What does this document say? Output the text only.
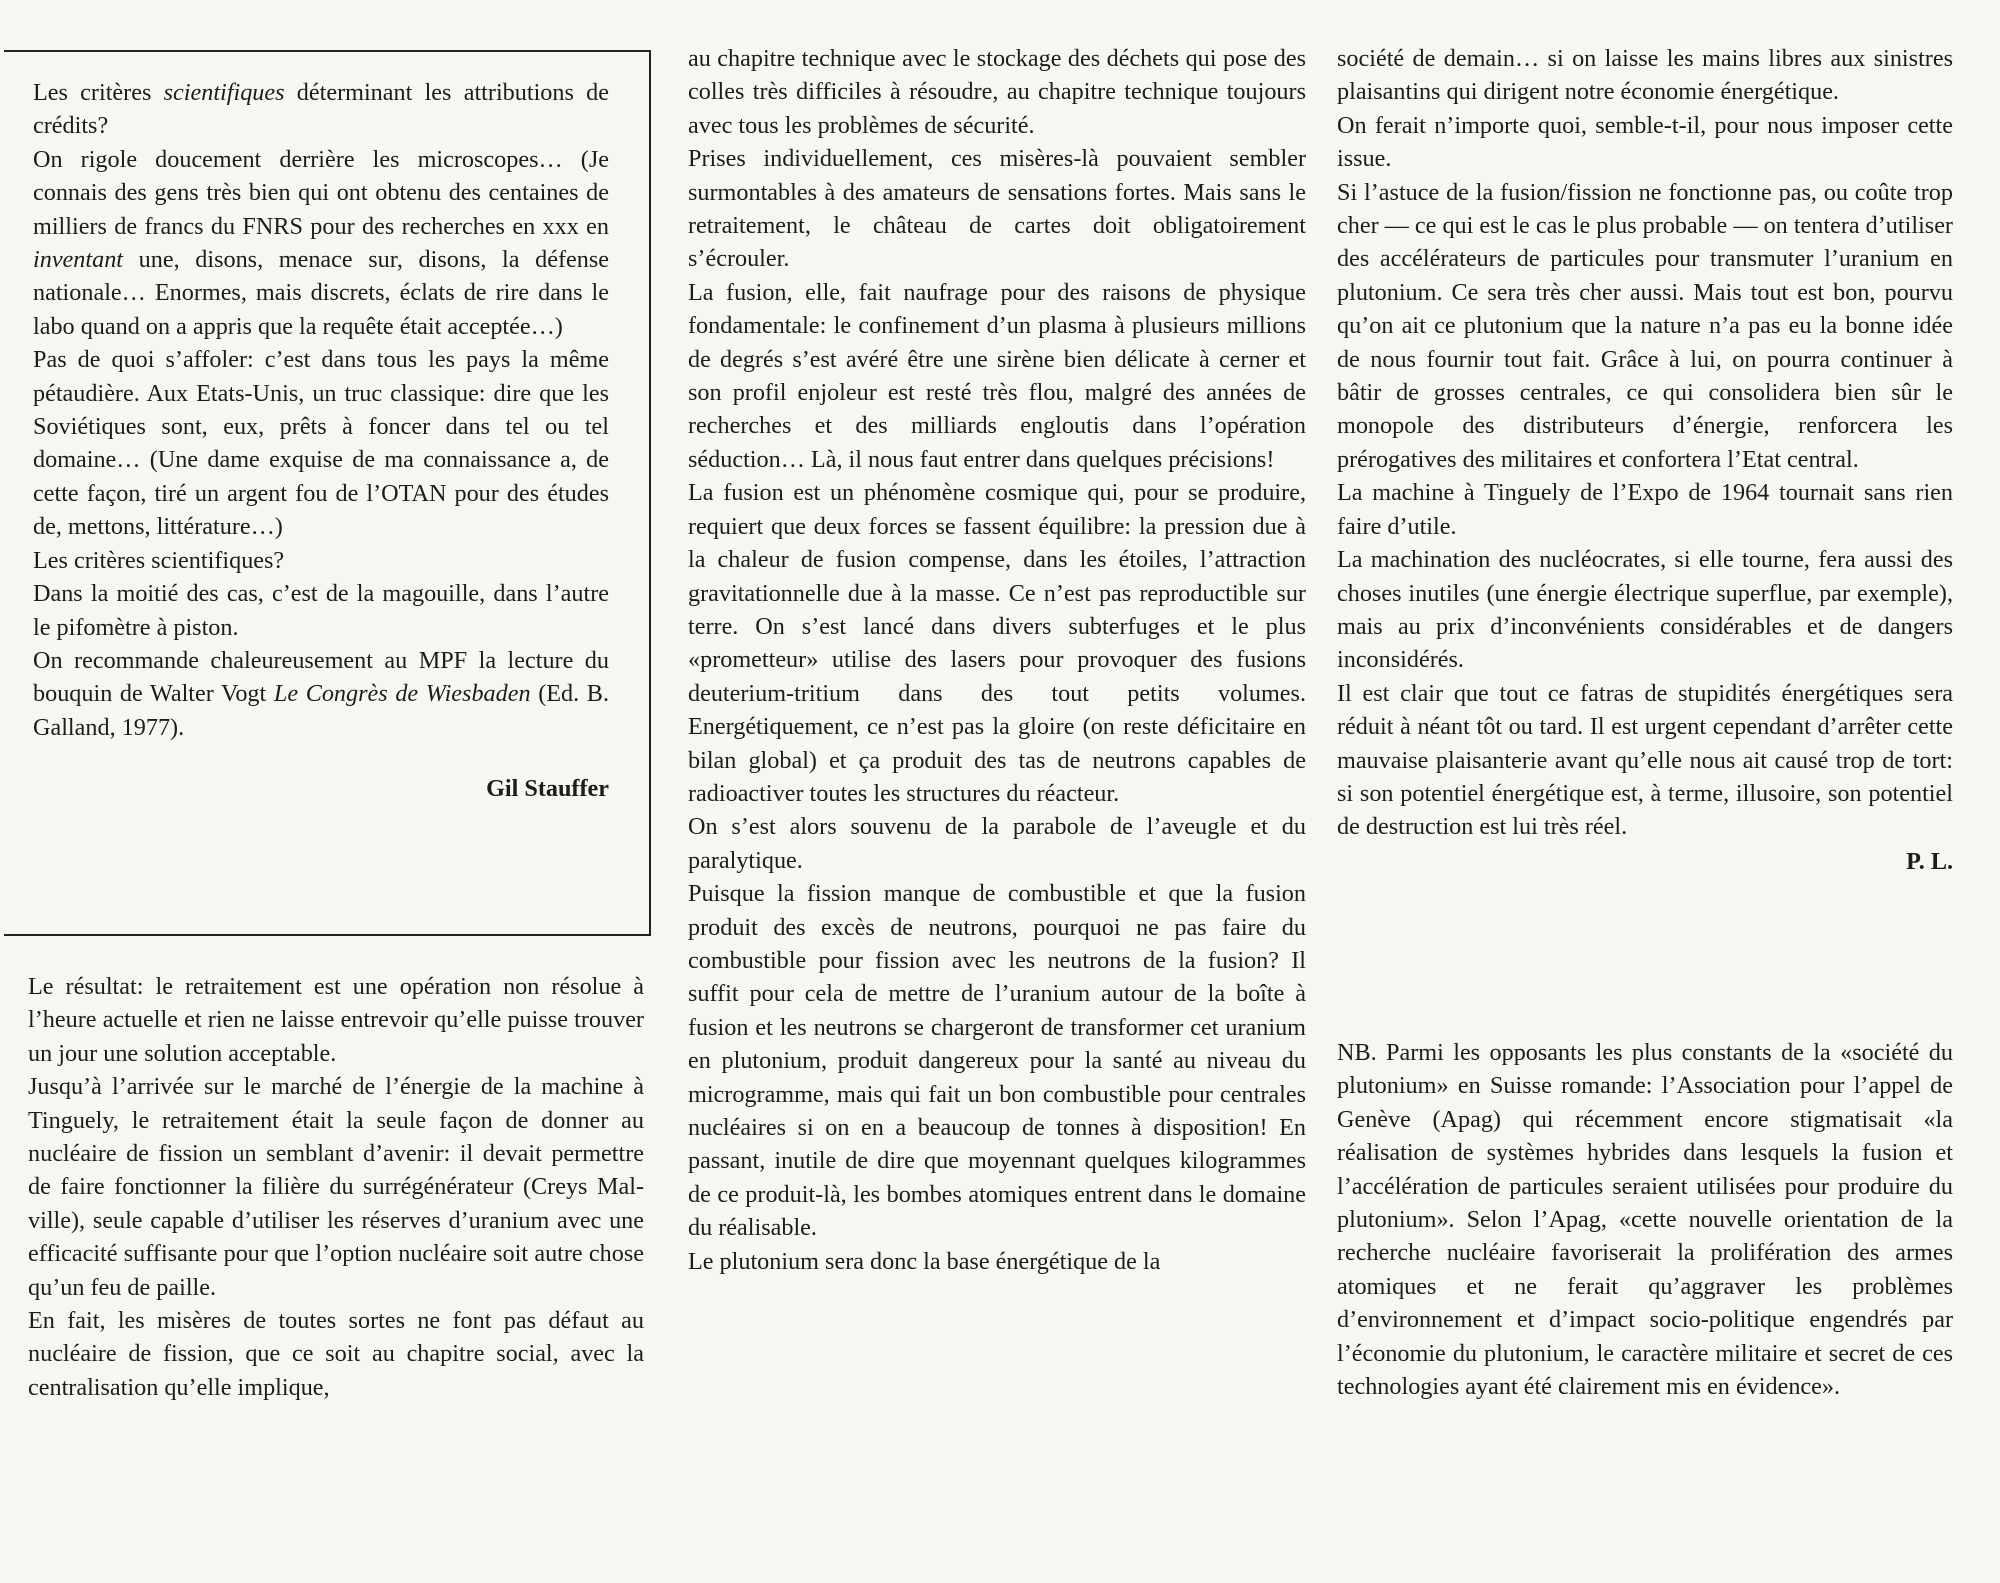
Les critères scientifiques déterminant les attributions de crédits?

On rigole doucement derrière les microscopes… (Je connais des gens très bien qui ont obtenu des centaines de milliers de francs du FNRS pour des recherches en xxx en inventant une, disons, menace sur, disons, la défense nationale… Enormes, mais discrets, éclats de rire dans le labo quand on a appris que la requête était acceptée…)

Pas de quoi s’affoler: c’est dans tous les pays la même pétaudière. Aux Etats-Unis, un truc classique: dire que les Soviétiques sont, eux, prêts à foncer dans tel ou tel domaine… (Une dame exquise de ma connaissance a, de cette façon, tiré un argent fou de l’OTAN pour des études de, mettons, littérature…)

Les critères scientifiques?

Dans la moitié des cas, c’est de la magouille, dans l’autre le pifomètre à piston.

On recommande chaleureusement au MPF la lecture du bouquin de Walter Vogt Le Congrès de Wiesbaden (Ed. B. Galland, 1977).

Gil Stauffer

Le résultat: le retraitement est une opération non résolue à l’heure actuelle et rien ne laisse entrevoir qu’elle puisse trouver un jour une solution acceptable.

Jusqu’à l’arrivée sur le marché de l’énergie de la machine à Tinguely, le retraitement était la seule façon de donner au nucléaire de fission un semblant d’avenir: il devait permettre de faire fonctionner la filière du surrégénérateur (Creys Malville), seule capable d’utiliser les réserves d’uranium avec une efficacité suffisante pour que l’option nucléaire soit autre chose qu’un feu de paille.

En fait, les misères de toutes sortes ne font pas défaut au nucléaire de fission, que ce soit au chapitre social, avec la centralisation qu’elle implique,

au chapitre technique avec le stockage des déchets qui pose des colles très difficiles à résoudre, au chapitre technique toujours avec tous les problèmes de sécurité.

Prises individuellement, ces misères-là pouvaient sembler surmontables à des amateurs de sensations fortes. Mais sans le retraitement, le château de cartes doit obligatoirement s’écrouler.

La fusion, elle, fait naufrage pour des raisons de physique fondamentale: le confinement d’un plasma à plusieurs millions de degrés s’est avéré être une sirène bien délicate à cerner et son profil enjoleur est resté très flou, malgré des années de recherches et des milliards engloutis dans l’opération séduction… Là, il nous faut entrer dans quelques précisions!

La fusion est un phénomène cosmique qui, pour se produire, requiert que deux forces se fassent équilibre: la pression due à la chaleur de fusion compense, dans les étoiles, l’attraction gravitationnelle due à la masse. Ce n’est pas reproductible sur terre. On s’est lancé dans divers subterfuges et le plus «prometteur» utilise des lasers pour provoquer des fusions deuterium-tritium dans des tout petits volumes. Energétiquement, ce n’est pas la gloire (on reste déficitaire en bilan global) et ça produit des tas de neutrons capables de radioactiver toutes les structures du réacteur.

On s’est alors souvenu de la parabole de l’aveugle et du paralytique.

Puisque la fission manque de combustible et que la fusion produit des excès de neutrons, pourquoi ne pas faire du combustible pour fission avec les neutrons de la fusion? Il suffit pour cela de mettre de l’uranium autour de la boîte à fusion et les neutrons se chargeront de transformer cet uranium en plutonium, produit dangereux pour la santé au niveau du microgramme, mais qui fait un bon combustible pour centrales nucléaires si on en a beaucoup de tonnes à disposition! En passant, inutile de dire que moyennant quelques kilogrammes de ce produit-là, les bombes atomiques entrent dans le domaine du réalisable.

Le plutonium sera donc la base énergétique de la

société de demain… si on laisse les mains libres aux sinistres plaisantins qui dirigent notre économie énergétique.

On ferait n’importe quoi, semble-t-il, pour nous imposer cette issue.

Si l’astuce de la fusion/fission ne fonctionne pas, ou coûte trop cher — ce qui est le cas le plus probable — on tentera d’utiliser des accélérateurs de particules pour transmuter l’uranium en plutonium. Ce sera très cher aussi. Mais tout est bon, pourvu qu’on ait ce plutonium que la nature n’a pas eu la bonne idée de nous fournir tout fait. Grâce à lui, on pourra continuer à bâtir de grosses centrales, ce qui consolidera bien sûr le monopole des distributeurs d’énergie, renforcera les prérogatives des militaires et confortera l’Etat central.

La machine à Tinguely de l’Expo de 1964 tournait sans rien faire d’utile.

La machination des nucléocrates, si elle tourne, fera aussi des choses inutiles (une énergie électrique superflue, par exemple), mais au prix d’inconvénients considérables et de dangers inconsidérés.

Il est clair que tout ce fatras de stupidités énergétiques sera réduit à néant tôt ou tard. Il est urgent cependant d’arrêter cette mauvaise plaisanterie avant qu’elle nous ait causé trop de tort: si son potentiel énergétique est, à terme, illusoire, son potentiel de destruction est lui très réel.

P. L.

NB. Parmi les opposants les plus constants de la «société du plutonium» en Suisse romande: l’Association pour l’appel de Genève (Apag) qui récemment encore stigmatisait «la réalisation de systèmes hybrides dans lesquels la fusion et l’accélération de particules seraient utilisées pour produire du plutonium». Selon l’Apag, «cette nouvelle orientation de la recherche nucléaire favoriserait la prolifération des armes atomiques et ne ferait qu’aggraver les problèmes d’environnement et d’impact socio-politique engendrés par l’économie du plutonium, le caractère militaire et secret de ces technologies ayant été clairement mis en évidence».
